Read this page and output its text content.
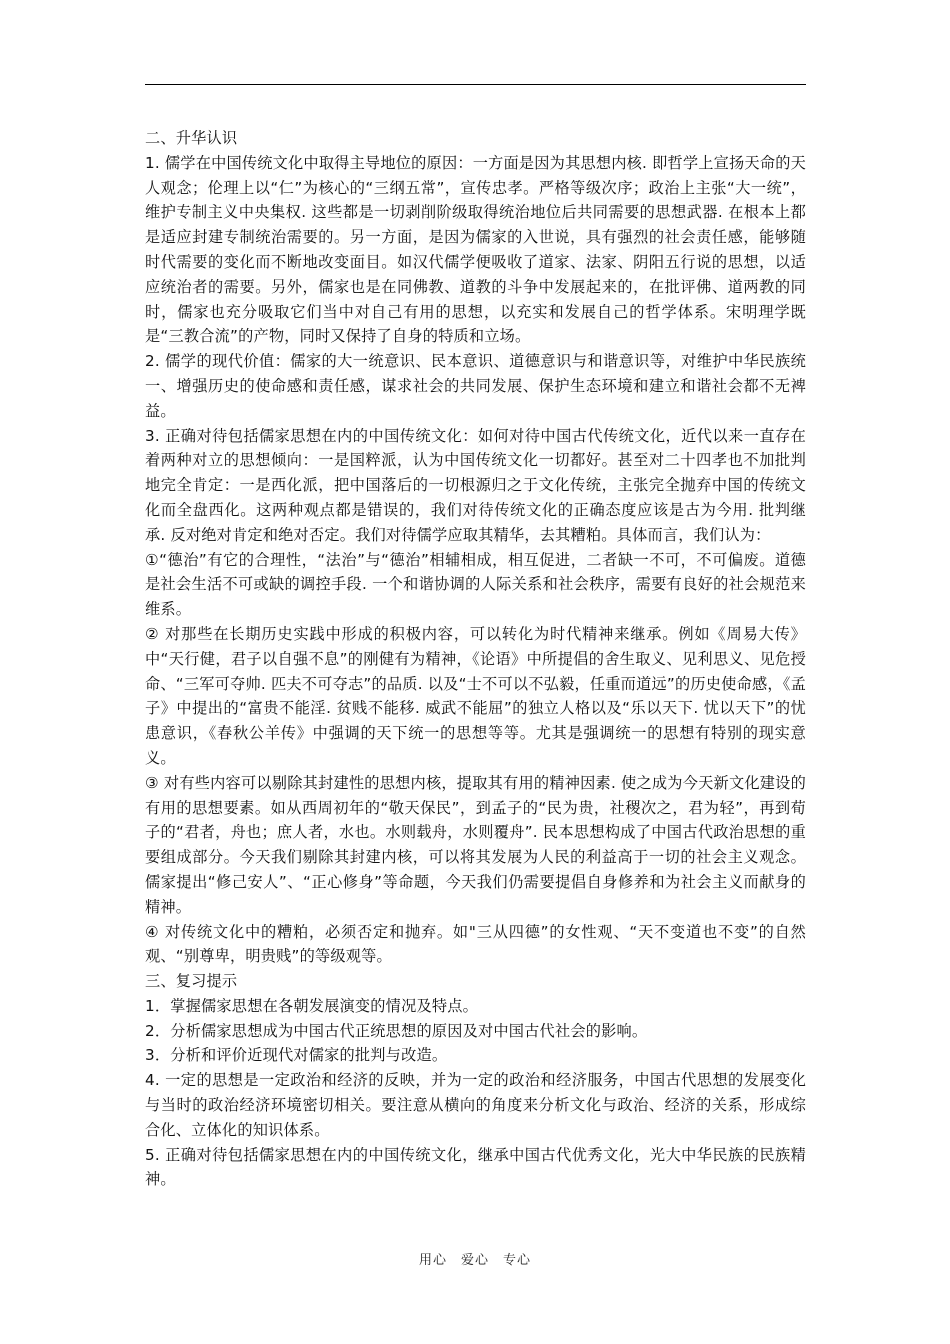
二、升华认识

1. 儒学在中国传统文化中取得主导地位的原因：一方面是因为其思想内核. 即哲学上宣扬天命的天人观念；伦理上以“仁”为核心的“三纲五常”，宣传忠孝。严格等级次序；政治上主张“大一统”，维护专制主义中央集权. 这些都是一切剥削阶级取得统治地位后共同需要的思想武器. 在根本上都是适应封建专制统治需要的。另一方面，是因为儒家的入世说，具有强烈的社会责任感，能够随时代需要的变化而不断地改变面目。如汉代儒学便吸收了道家、法家、阴阳五行说的思想，以适应统治者的需要。另外，儒家也是在同佛教、道教的斗争中发展起来的，在批评佛、道两教的同时，儒家也充分吸取它们当中对自己有用的思想，以充实和发展自己的哲学体系。宋明理学既是“三教合流”的产物，同时又保持了自身的特质和立场。

2. 儒学的现代价值：儒家的大一统意识、民本意识、道德意识与和谐意识等，对维护中华民族统一、增强历史的使命感和责任感，谋求社会的共同发展、保护生态环境和建立和谐社会都不无裨益。

3. 正确对待包括儒家思想在内的中国传统文化：如何对待中国古代传统文化，近代以来一直存在着两种对立的思想倾向：一是国粹派，认为中国传统文化一切都好。甚至对二十四孝也不加批判地完全肯定：一是西化派，把中国落后的一切根源归之于文化传统，主张完全抛弃中国的传统文化而全盘西化。这两种观点都是错误的，我们对待传统文化的正确态度应该是古为今用. 批判继承. 反对绝对肯定和绝对否定。我们对待儒学应取其精华，去其糟粕。具体而言，我们认为：

①“德治”有它的合理性，“法治”与“德治”相辅相成，相互促进，二者缺一不可，不可偏废。道德是社会生活不可或缺的调控手段. 一个和谐协调的人际关系和社会秩序，需要有良好的社会规范来维系。

② 对那些在长期历史实践中形成的积极内容，可以转化为时代精神来继承。例如《周易大传》中“天行健，君子以自强不息”的刚健有为精神，《论语》中所提倡的舍生取义、见利思义、见危授命、“三军可夺帅. 匹夫不可夺志”的品质. 以及“士不可以不弘毅，任重而道远”的历史使命感，《孟子》中提出的“富贵不能淫. 贫贱不能移. 威武不能屈”的独立人格以及“乐以天下. 忧以天下”的忧患意识，《春秋公羊传》中强调的天下统一的思想等等。尤其是强调统一的思想有特别的现实意义。

③ 对有些内容可以剔除其封建性的思想内核，提取其有用的精神因素. 使之成为今天新文化建设的有用的思想要素。如从西周初年的“敬天保民”，到孟子的“民为贵，社稷次之，君为轻”，再到荀子的“君者，舟也；庶人者，水也。水则载舟，水则覆舟”. 民本思想构成了中国古代政治思想的重要组成部分。今天我们剔除其封建内核，可以将其发展为人民的利益高于一切的社会主义观念。儒家提出“修己安人”、“正心修身”等命题，今天我们仍需要提倡自身修养和为社会主义而献身的精神。

④ 对传统文化中的糟粕，必须否定和抛弃。如"三从四德”的女性观、“天不变道也不变”的自然观、“别尊卑，明贵贱”的等级观等。

三、复习提示

1．掌握儒家思想在各朝发展演变的情况及特点。

2．分析儒家思想成为中国古代正统思想的原因及对中国古代社会的影响。

3．分析和评价近现代对儒家的批判与改造。

4. 一定的思想是一定政治和经济的反映，并为一定的政治和经济服务，中国古代思想的发展变化与当时的政治经济环境密切相关。要注意从横向的角度来分析文化与政治、经济的关系，形成综合化、立体化的知识体系。

5. 正确对待包括儒家思想在内的中国传统文化，继承中国古代优秀文化，光大中华民族的民族精神。

用心　爱心　专心
